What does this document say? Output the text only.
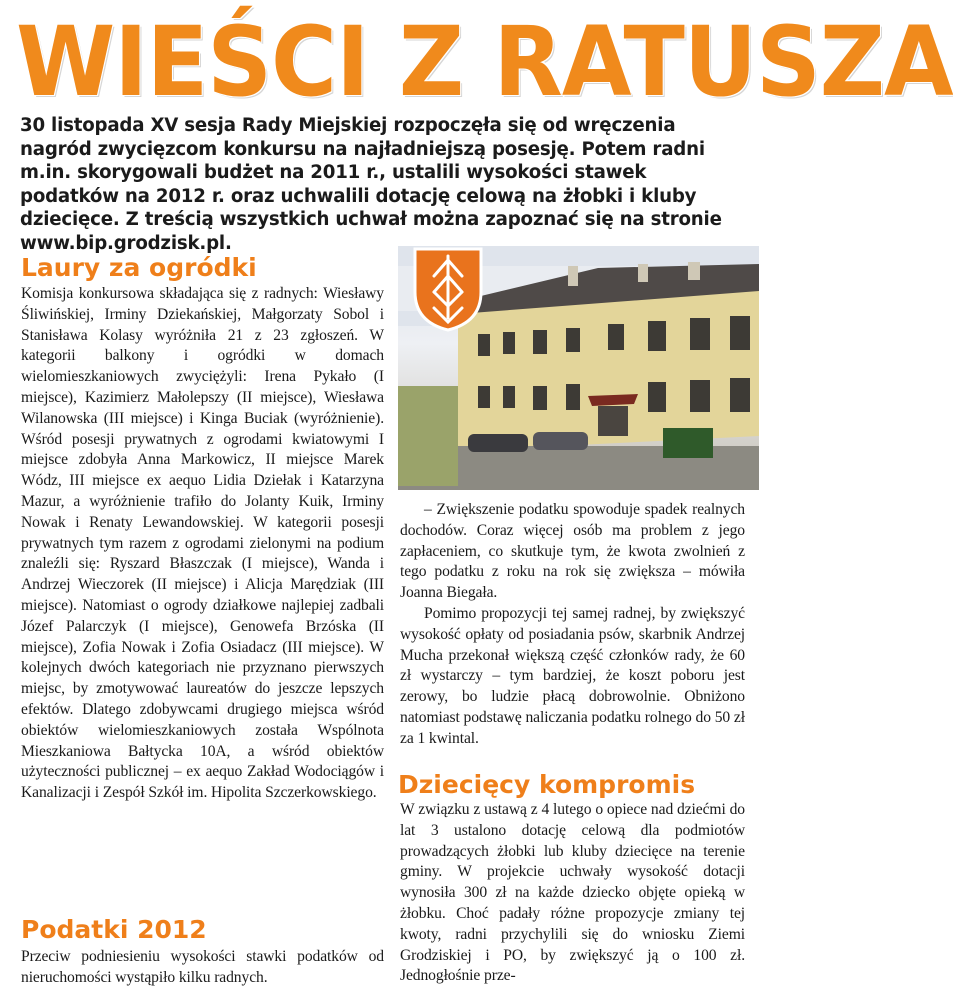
WIEŚCI Z RATUSZA
30 listopada XV sesja Rady Miejskiej rozpoczęła się od wręczenia nagród zwycięzcom konkursu na najładniejszą posesję. Potem radni m.in. skorygowali budżet na 2011 r., ustalili wysokości stawek podatków na 2012 r. oraz uchwalili dotację celową na żłobki i kluby dziecięce. Z treścią wszystkich uchwał można zapoznać się na stronie www.bip.grodzisk.pl.
Laury za ogródki

Komisja konkursowa składająca się z radnych: Wiesławy Śliwińskiej, Irminy Dziekańskiej, Małgorzaty Sobol i Stanisława Kolasy wyróżniła 21 z 23 zgłoszeń. W kategorii balkony i ogródki w domach wielomieszkaniowych zwyciężyli: Irena Pykało (I miejsce), Kazimierz Małolepszy (II miejsce), Wiesława Wilanowska (III miejsce) i Kinga Buciak (wyróżnienie). Wśród posesji prywatnych z ogrodami kwiatowymi I miejsce zdobyła Anna Markowicz, II miejsce Marek Wódz, III miejsce ex aequo Lidia Dziełak i Katarzyna Mazur, a wyróżnienie trafiło do Jolanty Kuik, Irminy Nowak i Renaty Lewandowskiej. W kategorii posesji prywatnych tym razem z ogrodami zielonymi na podium znaleźli się: Ryszard Błaszczak (I miejsce), Wanda i Andrzej Wieczorek (II miejsce) i Alicja Marędziak (III miejsce). Natomiast o ogrody działkowe najlepiej zadbali Józef Palarczyk (I miejsce), Genowefa Brzóska (II miejsce), Zofia Nowak i Zofia Osiadacz (III miejsce). W kolejnych dwóch kategoriach nie przyznano pierwszych miejsc, by zmotywować laureatów do jeszcze lepszych efektów. Dlatego zdobywcami drugiego miejsca wśród obiektów wielomieszkaniowych została Wspólnota Mieszkaniowa Bałtycka 10A, a wśród obiektów użyteczności publicznej – ex aequo Zakład Wodociągów i Kanalizacji i Zespół Szkół im. Hipolita Szczerkowskiego.

Podatki 2012

Przeciw podniesieniu wysokości stawki podatków od nieruchomości wystąpiło kilku radnych.

– Zwiększenie podatku spowoduje spadek realnych dochodów. Coraz więcej osób ma problem z jego zapłaceniem, co skutkuje tym, że kwota zwolnień z tego podatku z roku na rok się zwiększa – mówiła Joanna Biegała.

Pomimo propozycji tej samej radnej, by zwiększyć wysokość opłaty od posiadania psów, skarbnik Andrzej Mucha przekonał większą część członków rady, że 60 zł wystarczy – tym bardziej, że koszt poboru jest zerowy, bo ludzie płacą dobrowolnie. Obniżono natomiast podstawę naliczania podatku rolnego do 50 zł za 1 kwintal.

Dziecięcy kompromis

W związku z ustawą z 4 lutego o opiece nad dziećmi do lat 3 ustalono dotację celową dla podmiotów prowadzących żłobki lub kluby dziecięce na terenie gminy. W projekcie uchwały wysokość dotacji wynosiła 300 zł na każde dziecko objęte opieką w żłobku. Choć padały różne propozycje zmiany tej kwoty, radni przychylili się do wniosku Ziemi Grodziskiej i PO, by zwiększyć ją o 100 zł. Jednogłośnie prze-
